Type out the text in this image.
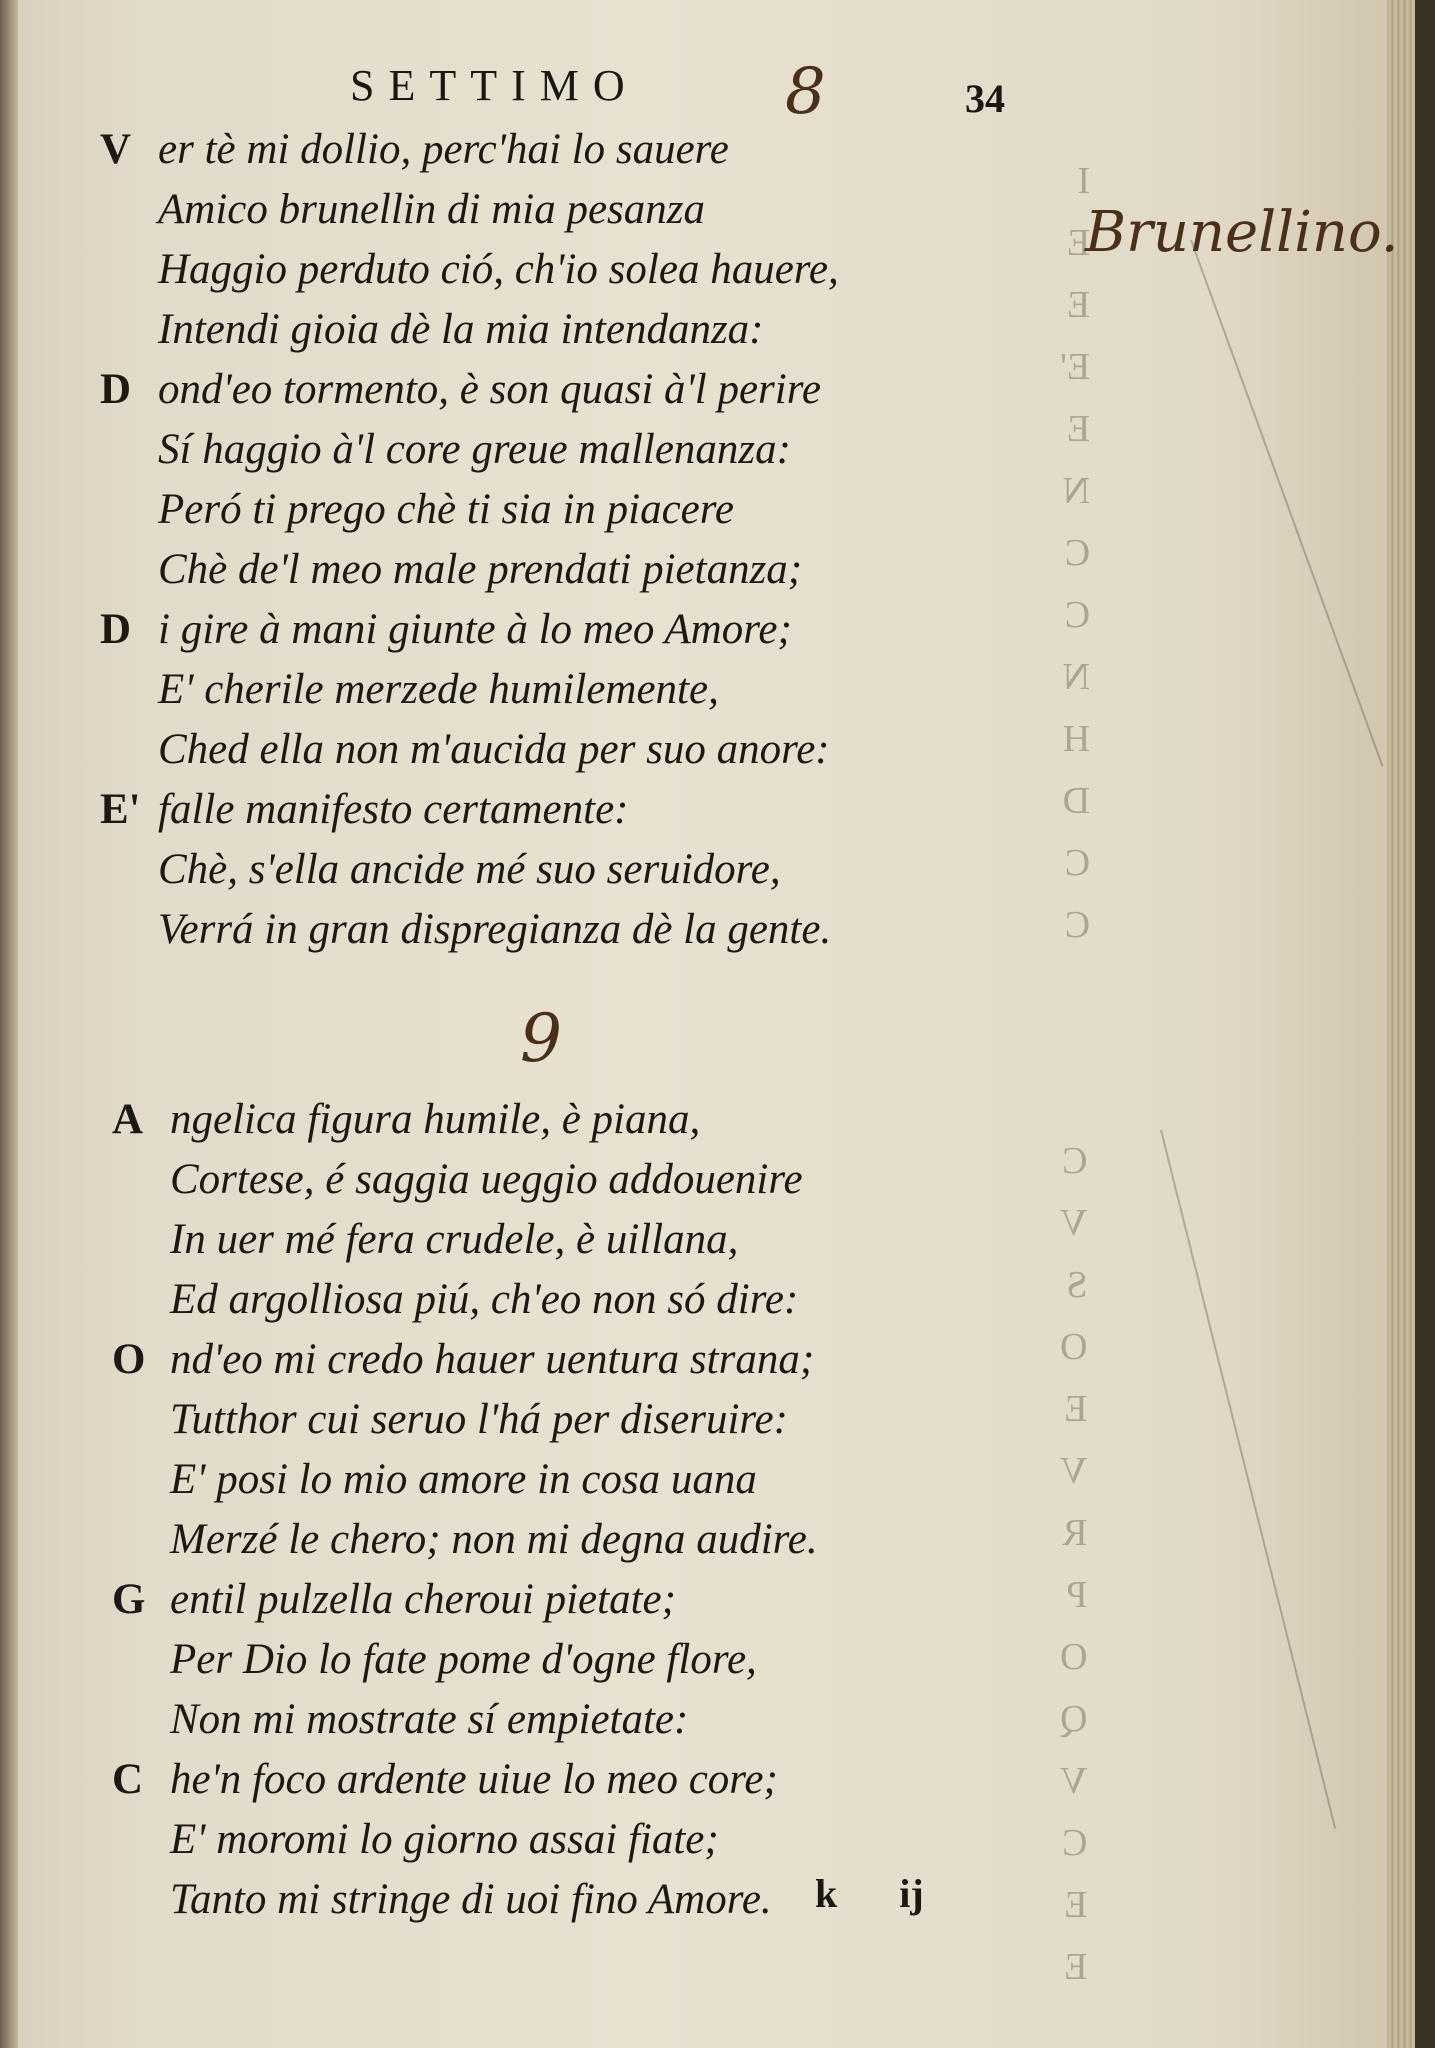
I
E
E
E'
E
N
C
C
N
H
D
C
C
C
V
S
O
E
V
R
P
O
Q
V
C
E
E
SETTIMO 8	34
Brunellino.
V er tè mi dollio, perc'hai lo sauere
Amico brunellin di mia pesanza
Haggio perduto ció, ch'io solea hauere,
Intendi gioia dè la mia intendanza:
D ond'eo tormento, è son quasi à'l perire
Sí haggio à'l core greue mallenanza:
Peró ti prego chè ti sia in piacere
Chè de'l meo male prendati pietanza;
D i gire à mani giunte à lo meo Amore;
E' cherile merzede humilemente,
Ched ella non m'aucida per suo anore:
E' falle manifesto certamente:
Chè, s'ella ancide mé suo seruidore,
Verrá in gran dispregianza dè la gente.
9
A ngelica figura humile, è piana,
Cortese, é saggia ueggio addouenire
In uer mé fera crudele, è uillana,
Ed argolliosa piú, ch'eo non só dire:
O nd'eo mi credo hauer uentura strana;
Tutthor cui seruo l'há per diseruire:
E' posi lo mio amore in cosa uana
Merzé le chero; non mi degna audire.
G entil pulzella cheroui pietate;
Per Dio lo fate pome d'ogne flore,
Non mi mostrate sí empietate:
C he'n foco ardente uiue lo meo core;
E' moromi lo giorno assai fiate;
Tanto mi stringe di uoi fino Amore.	k ij
